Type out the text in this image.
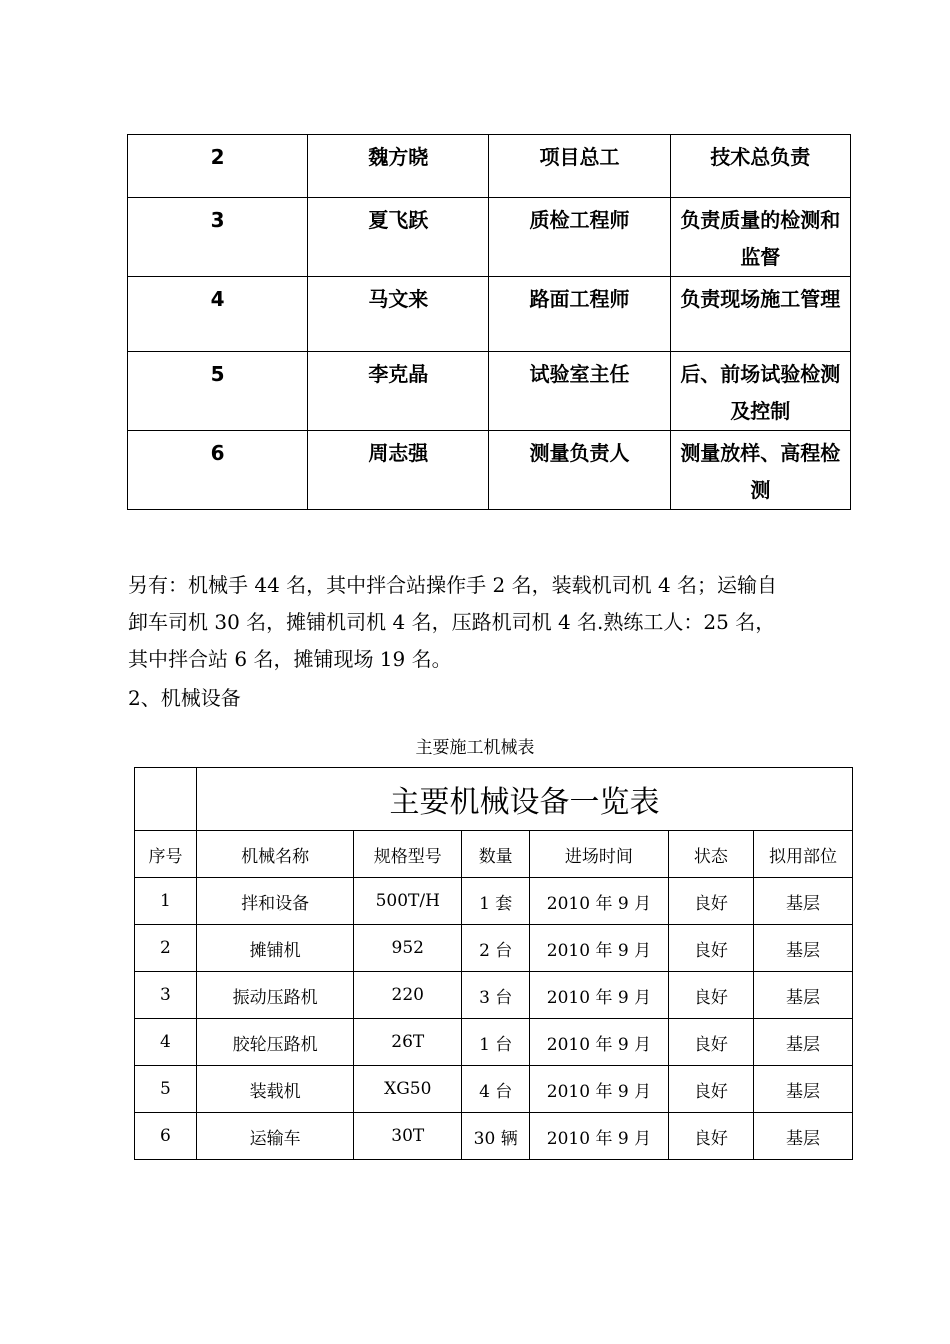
2	魏方晓	项目总工	技术总负责
3	夏飞跃	质检工程师	负责质量的检测和监督
4	马文来	路面工程师	负责现场施工管理
5	李克晶	试验室主任	后、前场试验检测及控制
6	周志强	测量负责人	测量放样、高程检测

另有：机械手 44 名，其中拌合站操作手 2 名，装载机司机 4 名；运输自

卸车司机 30 名，摊铺机司机 4 名，压路机司机 4 名.熟练工人：25 名，

其中拌合站 6 名，摊铺现场 19 名。

2、机械设备
主要施工机械表
	主要机械设备一览表					
序号	机械名称	规格型号	数量	进场时间	状态	拟用部位
1	拌和设备	500T/H	1 套	2010 年 9 月	良好	基层
2	摊铺机	952	2 台	2010 年 9 月	良好	基层
3	振动压路机	220	3 台	2010 年 9 月	良好	基层
4	胶轮压路机	26T	1 台	2010 年 9 月	良好	基层
5	装载机	XG50	4 台	2010 年 9 月	良好	基层
6	运输车	30T	30 辆	2010 年 9 月	良好	基层
